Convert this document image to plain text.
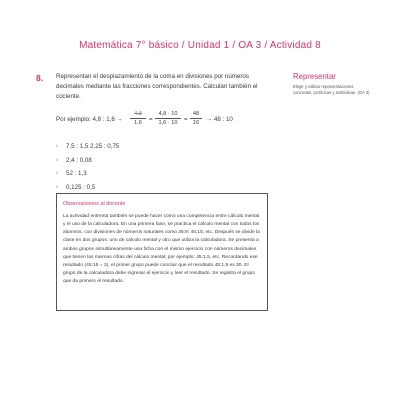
Matemática 7° básico / Unidad 1 / OA 3 / Actividad 8
8. Representan el desplazamiento de la coma en divisiones por números decimales mediante las fracciones correspondientes. Calculan también el cociente.

Por ejemplo: 4,8 : $1,6 \to \frac{4,8}{1,6} = \frac{4,8 \cdot 10}{1,6 \cdot 10} = \frac{48}{16} \to 48$ : 10
▹ 7,5 : 1,5 2,25 : 0,75
▹ 2,4 : 0,08
▹ 52 : 1,3
▹ 0,125 : 0,5

Representar

Elegir y utilizar representaciones concretas, pictóricas y simbólicas. (OA 3)

Observaciones al docente

La actividad entrenta también se puede hacer como una competencia entre cálculo mental y el uso de la calculadora. En una primera fase, se practica el cálculo mental con todos los alumnos, con divisiones de números naturales como 36:9; 45:15; etc. Después se divide la clase en dos grupos: uno de cálculo mental y otro que utiliza la calculadora. Se presenta a ambos grupos simultáneamente una ficha con el mismo ejercicio con números decimales que tienen las mismas cifras del cálculo mental; por ejemplo: 45:1,5, etc. Recordando ese resultado (45:15 = 3), el primer grupo puede concluir que el resultado 45:1,5 es 30. El grupo de la calculadora debe ingresar el ejercicio y leer el resultado. Se registra el grupo que da primero el resultado.
